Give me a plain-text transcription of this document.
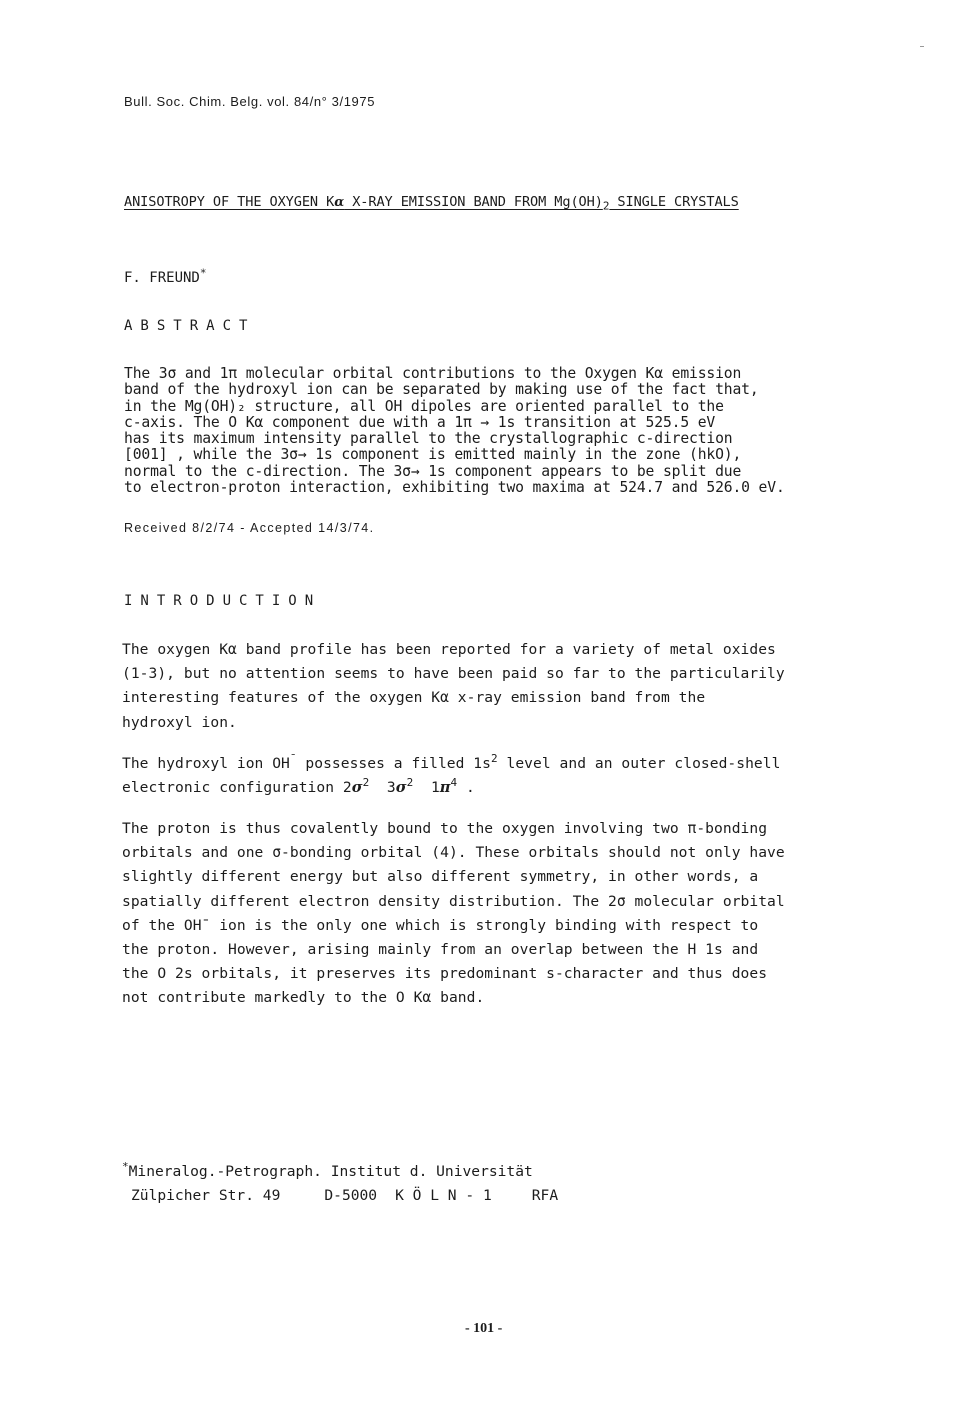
Bull. Soc. Chim. Belg. vol. 84/n° 3/1975
ANISOTROPY OF THE OXYGEN Kα X-RAY EMISSION BAND FROM $Mg(OH)_2$ SINGLE CRYSTALS
F. FREUND*
ABSTRACT
The 3σ and 1π molecular orbital contributions to the Oxygen Kα emission
band of the hydroxyl ion can be separated by making use of the fact that,
in the Mg(OH)₂ structure, all OH dipoles are oriented parallel to the
c-axis. The O Kα component due with a 1π → 1s transition at 525.5 eV
has its maximum intensity parallel to the crystallographic c-direction
[001] , while the 3σ→ 1s component is emitted mainly in the zone (hkO),
normal to the c-direction. The 3σ→ 1s component appears to be split due
to electron-proton interaction, exhibiting two maxima at 524.7 and 526.0 eV.
Received 8/2/74 - Accepted 14/3/74.
INTRODUCTION
The oxygen Kα band profile has been reported for a variety of metal oxides
(1-3), but no attention seems to have been paid so far to the particularily
interesting features of the oxygen Kα x-ray emission band from the
hydroxyl ion.
The hydroxyl ion OH¯ possesses a filled $1s^2$ level and an outer closed-shell
electronic configuration $2\sigma^2$  $3\sigma^2$  $1\pi^4$ .
The proton is thus covalently bound to the oxygen involving two π-bonding
orbitals and one σ-bonding orbital (4). These orbitals should not only have
slightly different energy but also different symmetry, in other words, a
spatially different electron density distribution. The 2σ molecular orbital
of the OH¯ ion is the only one which is strongly binding with respect to
the proton. However, arising mainly from an overlap between the H 1s and
the O 2s orbitals, it preserves its predominant s-character and thus does
not contribute markedly to the O Kα band.
*Mineralog.-Petrograph. Institut d. Universität
Zülpicher Str. 49	D-5000 K Ö L N - 1	RFA
- 101 -
